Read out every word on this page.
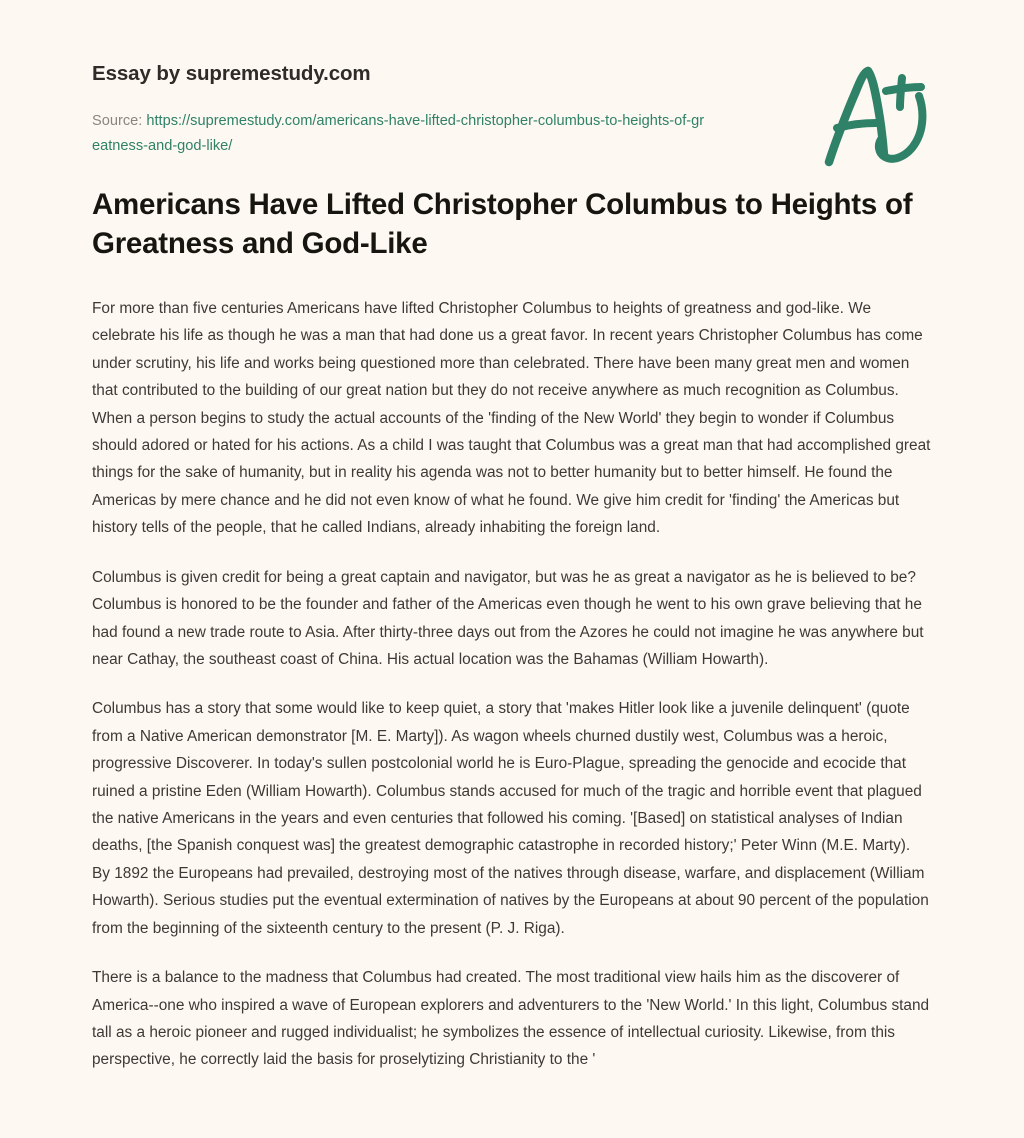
Essay by supremestudy.com
Source: https://supremestudy.com/americans-have-lifted-christopher-columbus-to-heights-of-greatness-and-god-like/
Americans Have Lifted Christopher Columbus to Heights of Greatness and God-Like

For more than five centuries Americans have lifted Christopher Columbus to heights of greatness and god-like. We celebrate his life as though he was a man that had done us a great favor. In recent years Christopher Columbus has come under scrutiny, his life and works being questioned more than celebrated. There have been many great men and women that contributed to the building of our great nation but they do not receive anywhere as much recognition as Columbus. When a person begins to study the actual accounts of the 'finding of the New World' they begin to wonder if Columbus should adored or hated for his actions. As a child I was taught that Columbus was a great man that had accomplished great things for the sake of humanity, but in reality his agenda was not to better humanity but to better himself. He found the Americas by mere chance and he did not even know of what he found. We give him credit for 'finding' the Americas but history tells of the people, that he called Indians, already inhabiting the foreign land.

Columbus is given credit for being a great captain and navigator, but was he as great a navigator as he is believed to be? Columbus is honored to be the founder and father of the Americas even though he went to his own grave believing that he had found a new trade route to Asia. After thirty-three days out from the Azores he could not imagine he was anywhere but near Cathay, the southeast coast of China. His actual location was the Bahamas (William Howarth).

Columbus has a story that some would like to keep quiet, a story that 'makes Hitler look like a juvenile delinquent' (quote from a Native American demonstrator [M. E. Marty]). As wagon wheels churned dustily west, Columbus was a heroic, progressive Discoverer. In today's sullen postcolonial world he is Euro-Plague, spreading the genocide and ecocide that ruined a pristine Eden (William Howarth). Columbus stands accused for much of the tragic and horrible event that plagued the native Americans in the years and even centuries that followed his coming. '[Based] on statistical analyses of Indian deaths, [the Spanish conquest was] the greatest demographic catastrophe in recorded history;' Peter Winn (M.E. Marty). By 1892 the Europeans had prevailed, destroying most of the natives through disease, warfare, and displacement (William Howarth). Serious studies put the eventual extermination of natives by the Europeans at about 90 percent of the population from the beginning of the sixteenth century to the present (P. J. Riga).

There is a balance to the madness that Columbus had created. The most traditional view hails him as the discoverer of America--one who inspired a wave of European explorers and adventurers to the 'New World.' In this light, Columbus stand tall as a heroic pioneer and rugged individualist; he symbolizes the essence of intellectual curiosity. Likewise, from this perspective, he correctly laid the basis for proselytizing Christianity to the '
